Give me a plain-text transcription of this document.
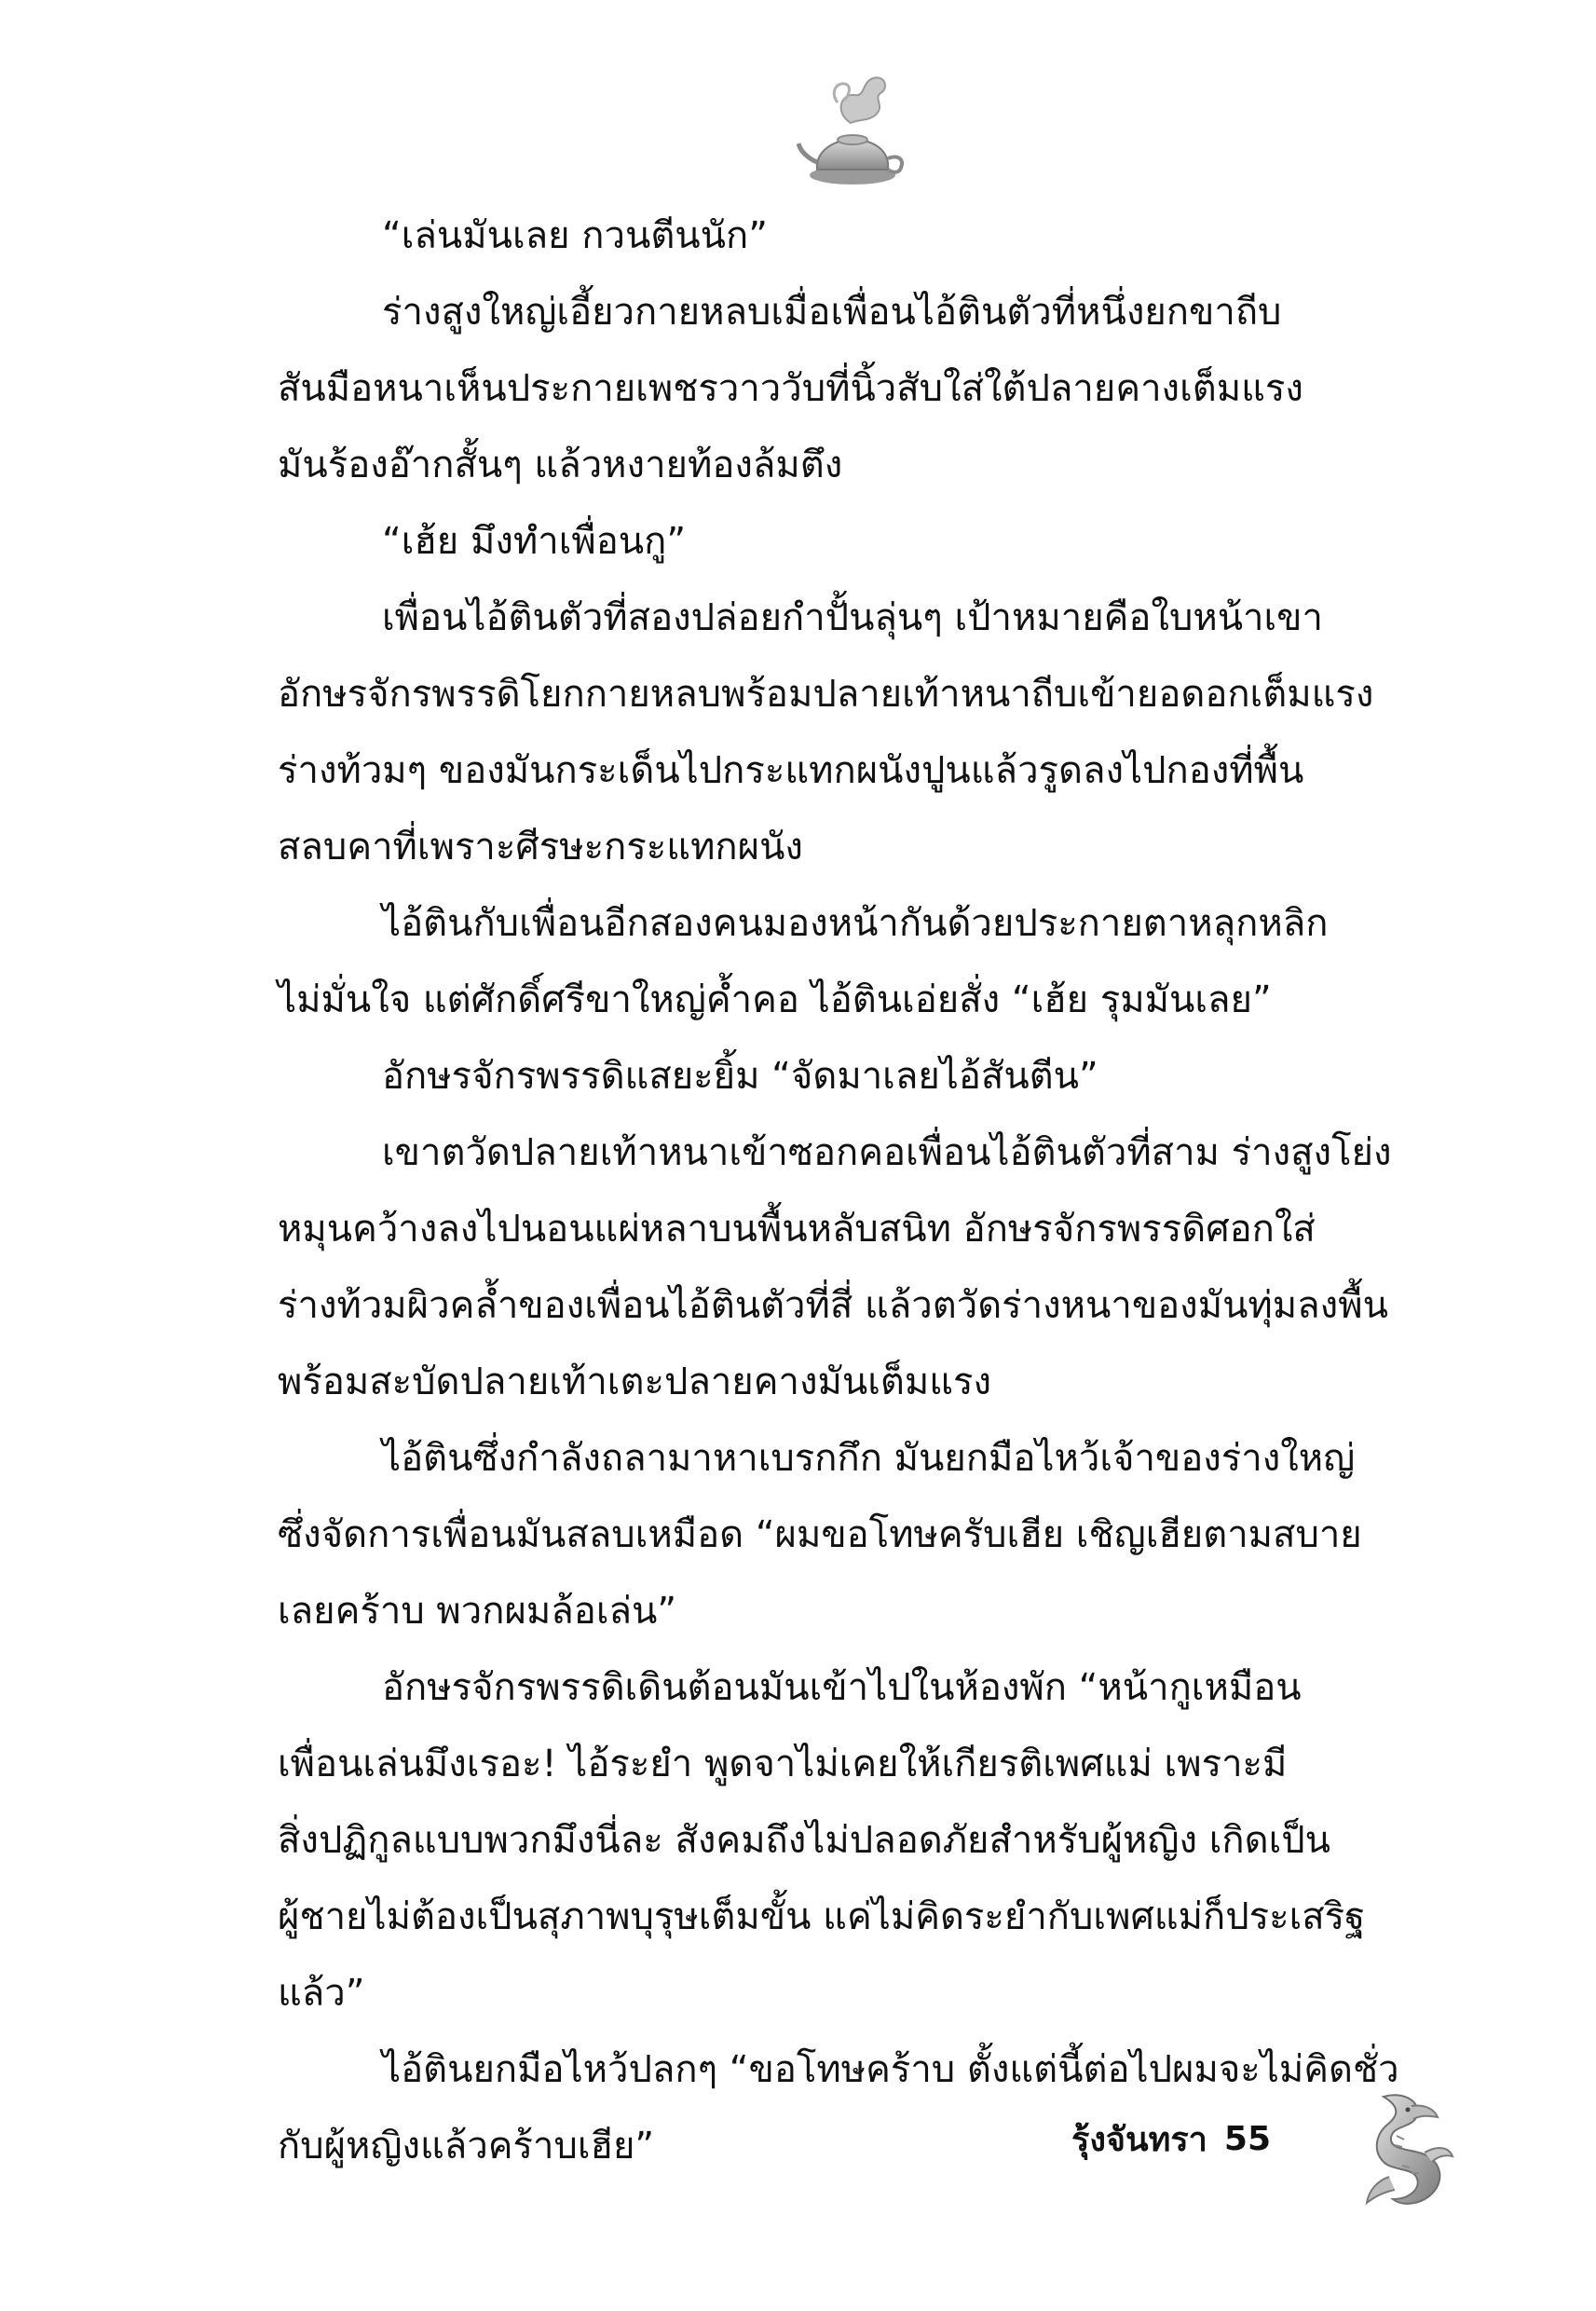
“เล่นมันเลย กวนตีนนัก”
ร่างสูงใหญ่เอี้ยวกายหลบเมื่อเพื่อนไอ้ตินตัวที่หนึ่งยกขาถีบ
สันมือหนาเห็นประกายเพชรวาววับที่นิ้วสับใส่ใต้ปลายคางเต็มแรง
มันร้องอ๊ากสั้นๆ แล้วหงายท้องล้มตึง
“เฮ้ย มึงทำเพื่อนกู”
เพื่อนไอ้ตินตัวที่สองปล่อยกำปั้นลุ่นๆ เป้าหมายคือใบหน้าเขา
อักษรจักรพรรดิโยกกายหลบพร้อมปลายเท้าหนาถีบเข้ายอดอกเต็มแรง
ร่างท้วมๆ ของมันกระเด็นไปกระแทกผนังปูนแล้วรูดลงไปกองที่พื้น
สลบคาที่เพราะศีรษะกระแทกผนัง
ไอ้ตินกับเพื่อนอีกสองคนมองหน้ากันด้วยประกายตาหลุกหลิก
ไม่มั่นใจ แต่ศักดิ์ศรีขาใหญ่ค้ำคอ ไอ้ตินเอ่ยสั่ง “เฮ้ย รุมมันเลย”
อักษรจักรพรรดิแสยะยิ้ม “จัดมาเลยไอ้สันตีน”
เขาตวัดปลายเท้าหนาเข้าซอกคอเพื่อนไอ้ตินตัวที่สาม ร่างสูงโย่ง
หมุนคว้างลงไปนอนแผ่หลาบนพื้นหลับสนิท อักษรจักรพรรดิศอกใส่
ร่างท้วมผิวคล้ำของเพื่อนไอ้ตินตัวที่สี่ แล้วตวัดร่างหนาของมันทุ่มลงพื้น
พร้อมสะบัดปลายเท้าเตะปลายคางมันเต็มแรง
ไอ้ตินซึ่งกำลังถลามาหาเบรกกึก มันยกมือไหว้เจ้าของร่างใหญ่
ซึ่งจัดการเพื่อนมันสลบเหมือด “ผมขอโทษครับเฮีย เชิญเฮียตามสบาย
เลยคร้าบ พวกผมล้อเล่น”
อักษรจักรพรรดิเดินต้อนมันเข้าไปในห้องพัก “หน้ากูเหมือน
เพื่อนเล่นมึงเรอะ! ไอ้ระยำ พูดจาไม่เคยให้เกียรติเพศแม่ เพราะมี
สิ่งปฏิกูลแบบพวกมึงนี่ละ สังคมถึงไม่ปลอดภัยสำหรับผู้หญิง เกิดเป็น
ผู้ชายไม่ต้องเป็นสุภาพบุรุษเต็มขั้น แค่ไม่คิดระยำกับเพศแม่ก็ประเสริฐ
แล้ว”
ไอ้ตินยกมือไหว้ปลกๆ “ขอโทษคร้าบ ตั้งแต่นี้ต่อไปผมจะไม่คิดชั่ว
กับผู้หญิงแล้วคร้าบเฮีย”	รุ้งจันทรา 55
